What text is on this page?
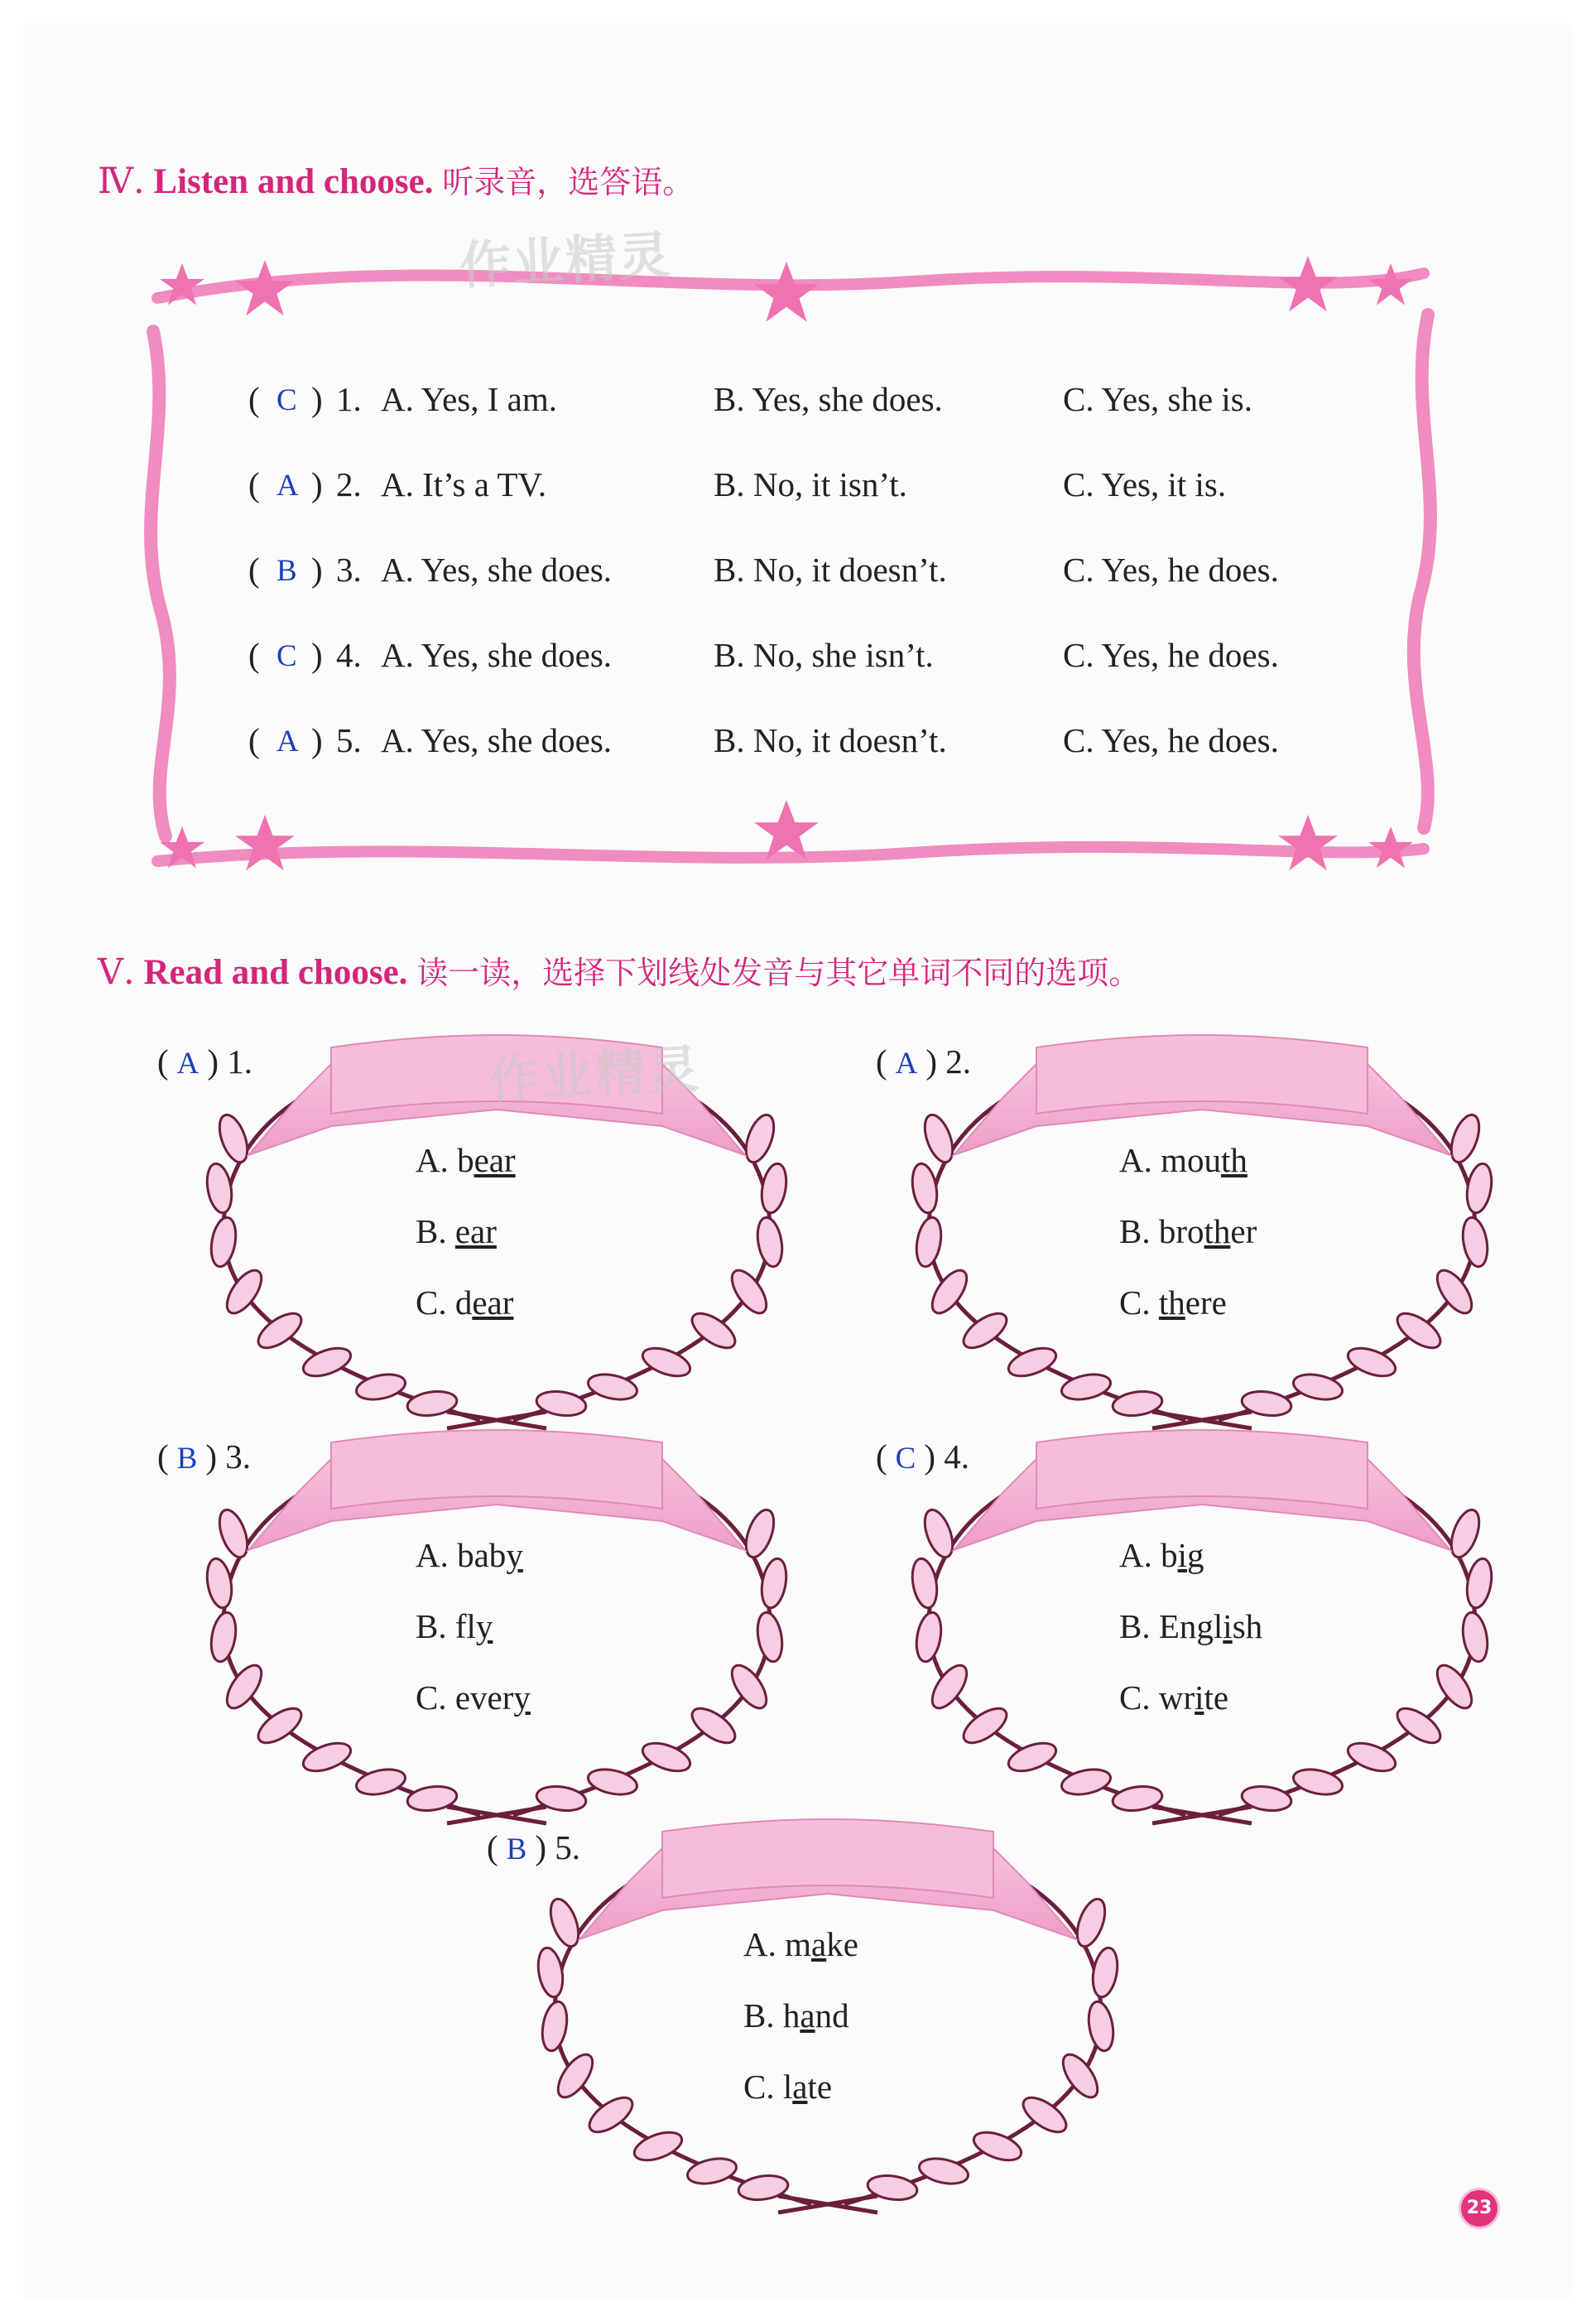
Ⅳ. Listen and choose. 听录音，选答语。
作业精灵
( C ) 1. A. Yes, I am.	B. Yes, she does.	C. Yes, she is.
( A ) 2. A. It’s a TV.	B. No, it isn’t.	C. Yes, it is.
( B ) 3. A. Yes, she does.	B. No, it doesn’t.	C. Yes, he does.
( C ) 4. A. Yes, she does.	B. No, she isn’t.	C. Yes, he does.
( A ) 5. A. Yes, she does.	B. No, it doesn’t.	C. Yes, he does.
Ⅴ. Read and choose. 读一读，选择下划线处发音与其它单词不同的选项。
( A ) 1.	( A ) 2.
( B ) 3.	( C ) 4.
( B ) 5.
作业精灵
A. bear
B. ear
C. dear
A. mouth
B. brother
C. there
A. baby
B. fly
C. every
A. big
B. English
C. write
A. make
B. hand
C. late
23
